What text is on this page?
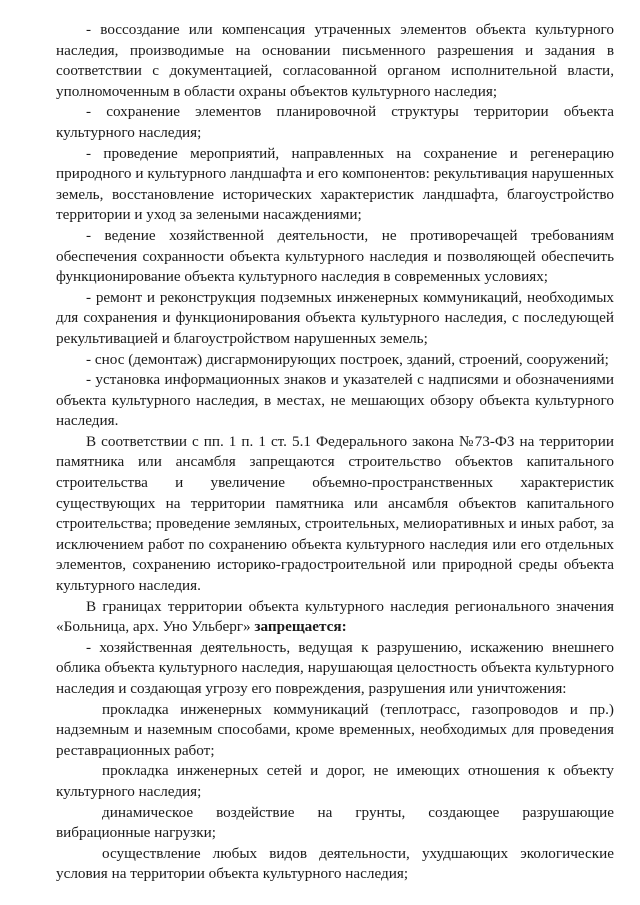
- воссоздание или компенсация утраченных элементов объекта культурного наследия, производимые на основании письменного разрешения и задания в соответствии с документацией, согласованной органом исполнительной власти, уполномоченным в области охраны объектов культурного наследия;

- сохранение элементов планировочной структуры территории объекта культурного наследия;

- проведение мероприятий, направленных на сохранение и регенерацию природного и культурного ландшафта и его компонентов: рекультивация нарушенных земель, восстановление исторических характеристик ландшафта, благоустройство территории и уход за зелеными насаждениями;

- ведение хозяйственной деятельности, не противоречащей требованиям обеспечения сохранности объекта культурного наследия и позволяющей обеспечить функционирование объекта культурного наследия в современных условиях;

- ремонт и реконструкция подземных инженерных коммуникаций, необходимых для сохранения и функционирования объекта культурного наследия, с последующей рекультивацией и благоустройством нарушенных земель;

- снос (демонтаж) дисгармонирующих построек, зданий, строений, сооружений;

- установка информационных знаков и указателей с надписями и обозначениями объекта культурного наследия, в местах, не мешающих обзору объекта культурного наследия.

В соответствии с пп. 1 п. 1 ст. 5.1 Федерального закона №73-ФЗ на территории памятника или ансамбля запрещаются строительство объектов капитального строительства и увеличение объемно-пространственных характеристик существующих на территории памятника или ансамбля объектов капитального строительства; проведение земляных, строительных, мелиоративных и иных работ, за исключением работ по сохранению объекта культурного наследия или его отдельных элементов, сохранению историко-градостроительной или природной среды объекта культурного наследия.

В границах территории объекта культурного наследия регионального значения «Больница, арх. Уно Ульберг» запрещается:

- хозяйственная деятельность, ведущая к разрушению, искажению внешнего облика объекта культурного наследия, нарушающая целостность объекта культурного наследия и создающая угрозу его повреждения, разрушения или уничтожения:

прокладка инженерных коммуникаций (теплотрасс, газопроводов и пр.) надземным и наземным способами, кроме временных, необходимых для проведения реставрационных работ;

прокладка инженерных сетей и дорог, не имеющих отношения к объекту культурного наследия;

динамическое воздействие на грунты, создающее разрушающие вибрационные нагрузки;

осуществление любых видов деятельности, ухудшающих экологические условия на территории объекта культурного наследия;
